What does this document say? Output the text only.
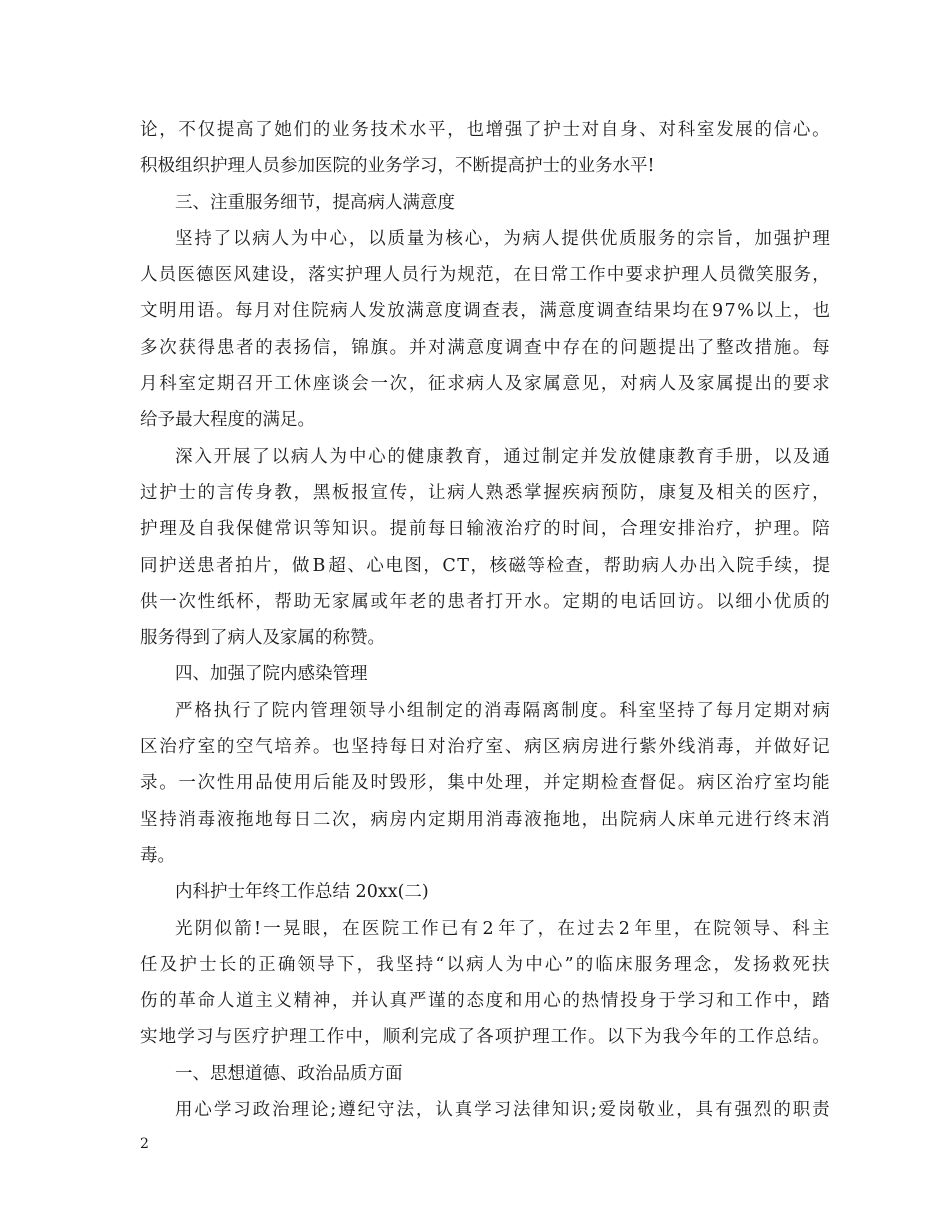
论 ， 不 仅 提 高 了 她 们 的 业 务 技 术 水 平 ， 也 增 强 了 护 士 对 自 身 、 对 科 室 发 展 的 信 心 。
积极组织护理人员参加医院的业务学习，不断提高护士的业务水平!
三、注重服务细节，提高病人满意度
坚 持 了 以 病 人 为 中 心 ， 以 质 量 为 核 心 ， 为 病 人 提 供 优 质 服 务 的 宗 旨 ， 加 强 护 理
人 员 医 德 医 风 建 设 ， 落 实 护 理 人 员 行 为 规 范 ， 在 日 常 工 作 中 要 求 护 理 人 员 微 笑 服 务 ，
文 明 用 语 。 每 月 对 住 院 病 人 发 放 满 意 度 调 查 表 ， 满 意 度 调 查 结 果 均 在 9 7 % 以 上 ， 也
多 次 获 得 患 者 的 表 扬 信 ， 锦 旗 。 并 对 满 意 度 调 查 中 存 在 的 问 题 提 出 了 整 改 措 施 。 每
月 科 室 定 期 召 开 工 休 座 谈 会 一 次 ， 征 求 病 人 及 家 属 意 见 ， 对 病 人 及 家 属 提 出 的 要 求
给予最大程度的满足。
深 入 开 展 了 以 病 人 为 中 心 的 健 康 教 育 ， 通 过 制 定 并 发 放 健 康 教 育 手 册 ， 以 及 通
过 护 士 的 言 传 身 教 ， 黑 板 报 宣 传 ， 让 病 人 熟 悉 掌 握 疾 病 预 防 ， 康 复 及 相 关 的 医 疗 ，
护 理 及 自 我 保 健 常 识 等 知 识 。 提 前 每 日 输 液 治 疗 的 时 间 ， 合 理 安 排 治 疗 ， 护 理 。 陪
同 护 送 患 者 拍 片 ， 做 B 超 、 心 电 图 ， C T ， 核 磁 等 检 查 ， 帮 助 病 人 办 出 入 院 手 续 ， 提
供 一 次 性 纸 杯 ， 帮 助 无 家 属 或 年 老 的 患 者 打 开 水 。 定 期 的 电 话 回 访 。 以 细 小 优 质 的
服务得到了病人及家属的称赞。
四、加强了院内感染管理
严 格 执 行 了 院 内 管 理 领 导 小 组 制 定 的 消 毒 隔 离 制 度 。 科 室 坚 持 了 每 月 定 期 对 病
区 治 疗 室 的 空 气 培 养 。 也 坚 持 每 日 对 治 疗 室 、 病 区 病 房 进 行 紫 外 线 消 毒 ， 并 做 好 记
录 。 一 次 性 用 品 使 用 后 能 及 时 毁 形 ， 集 中 处 理 ， 并 定 期 检 查 督 促 。 病 区 治 疗 室 均 能
坚 持 消 毒 液 拖 地 每 日 二 次 ， 病 房 内 定 期 用 消 毒 液 拖 地 ， 出 院 病 人 床 单 元 进 行 终 末 消
毒。
内科护士年终工作总结 20xx(二)
光 阴 似 箭 ! 一 晃 眼 ， 在 医 院 工 作 已 有 2 年 了 ， 在 过 去 2 年 里 ， 在 院 领 导 、 科 主
任 及 护 士 长 的 正 确 领 导 下 ， 我 坚 持 “ 以 病 人 为 中 心 ” 的 临 床 服 务 理 念 ， 发 扬 救 死 扶
伤 的 革 命 人 道 主 义 精 神 ， 并 认 真 严 谨 的 态 度 和 用 心 的 热 情 投 身 于 学 习 和 工 作 中 ， 踏
实 地 学 习 与 医 疗 护 理 工 作 中 ， 顺 利 完 成 了 各 项 护 理 工 作 。 以 下 为 我 今 年 的 工 作 总 结 。
一、思想道德、政治品质方面
用 心 学 习 政 治 理 论 ; 遵 纪 守 法 ， 认 真 学 习 法 律 知 识 ; 爱 岗 敬 业 ， 具 有 强 烈 的 职 责
2
